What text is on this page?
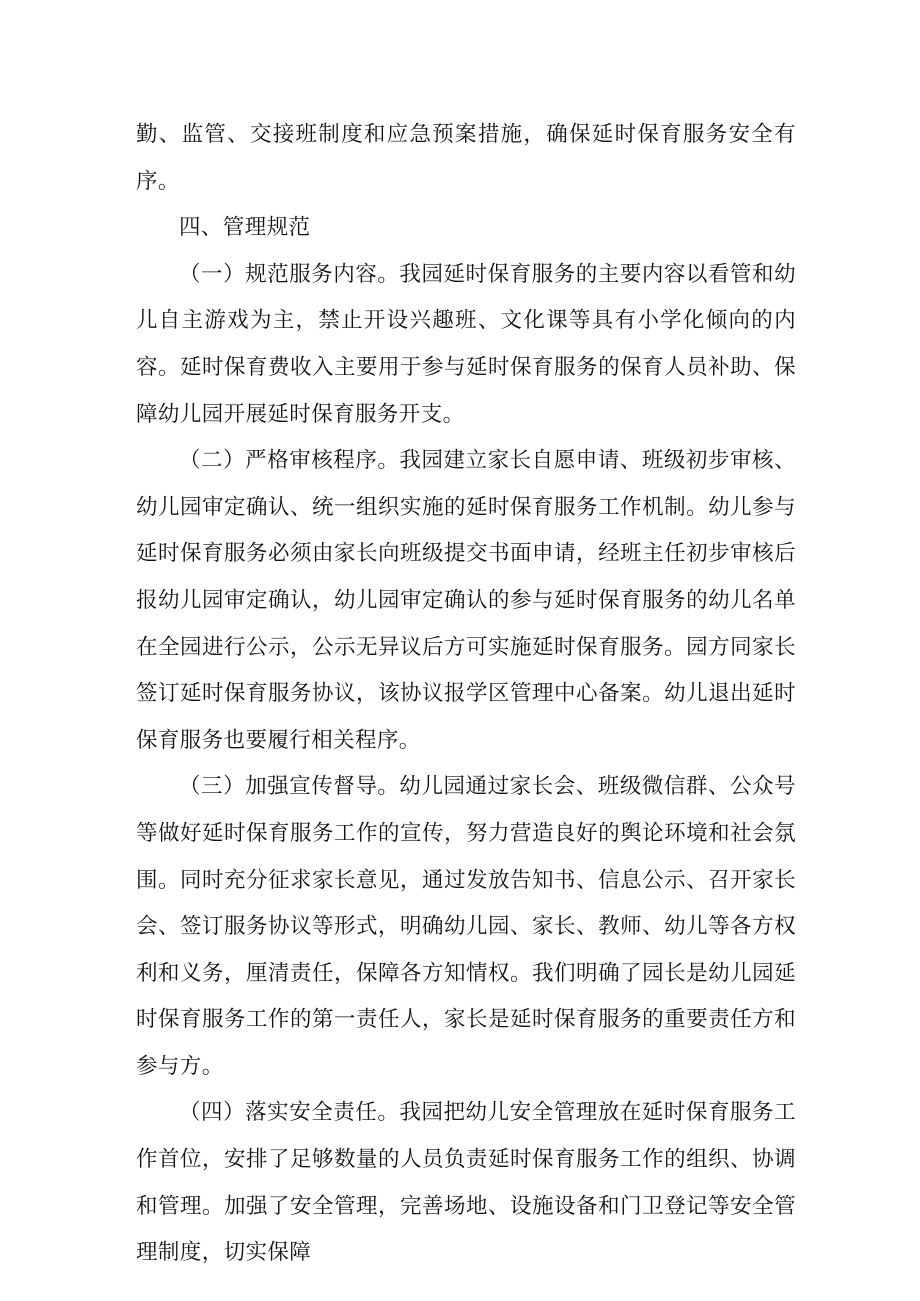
勤、监管、交接班制度和应急预案措施，确保延时保育服务安全有序。

四、管理规范

（一）规范服务内容。我园延时保育服务的主要内容以看管和幼儿自主游戏为主，禁止开设兴趣班、文化课等具有小学化倾向的内容。延时保育费收入主要用于参与延时保育服务的保育人员补助、保障幼儿园开展延时保育服务开支。

（二）严格审核程序。我园建立家长自愿申请、班级初步审核、幼儿园审定确认、统一组织实施的延时保育服务工作机制。幼儿参与延时保育服务必须由家长向班级提交书面申请，经班主任初步审核后报幼儿园审定确认，幼儿园审定确认的参与延时保育服务的幼儿名单在全园进行公示，公示无异议后方可实施延时保育服务。园方同家长签订延时保育服务协议，该协议报学区管理中心备案。幼儿退出延时保育服务也要履行相关程序。

（三）加强宣传督导。幼儿园通过家长会、班级微信群、公众号等做好延时保育服务工作的宣传，努力营造良好的舆论环境和社会氛围。同时充分征求家长意见，通过发放告知书、信息公示、召开家长会、签订服务协议等形式，明确幼儿园、家长、教师、幼儿等各方权利和义务，厘清责任，保障各方知情权。我们明确了园长是幼儿园延时保育服务工作的第一责任人，家长是延时保育服务的重要责任方和参与方。

（四）落实安全责任。我园把幼儿安全管理放在延时保育服务工作首位，安排了足够数量的人员负责延时保育服务工作的组织、协调和管理。加强了安全管理，完善场地、设施设备和门卫登记等安全管理制度，切实保障
